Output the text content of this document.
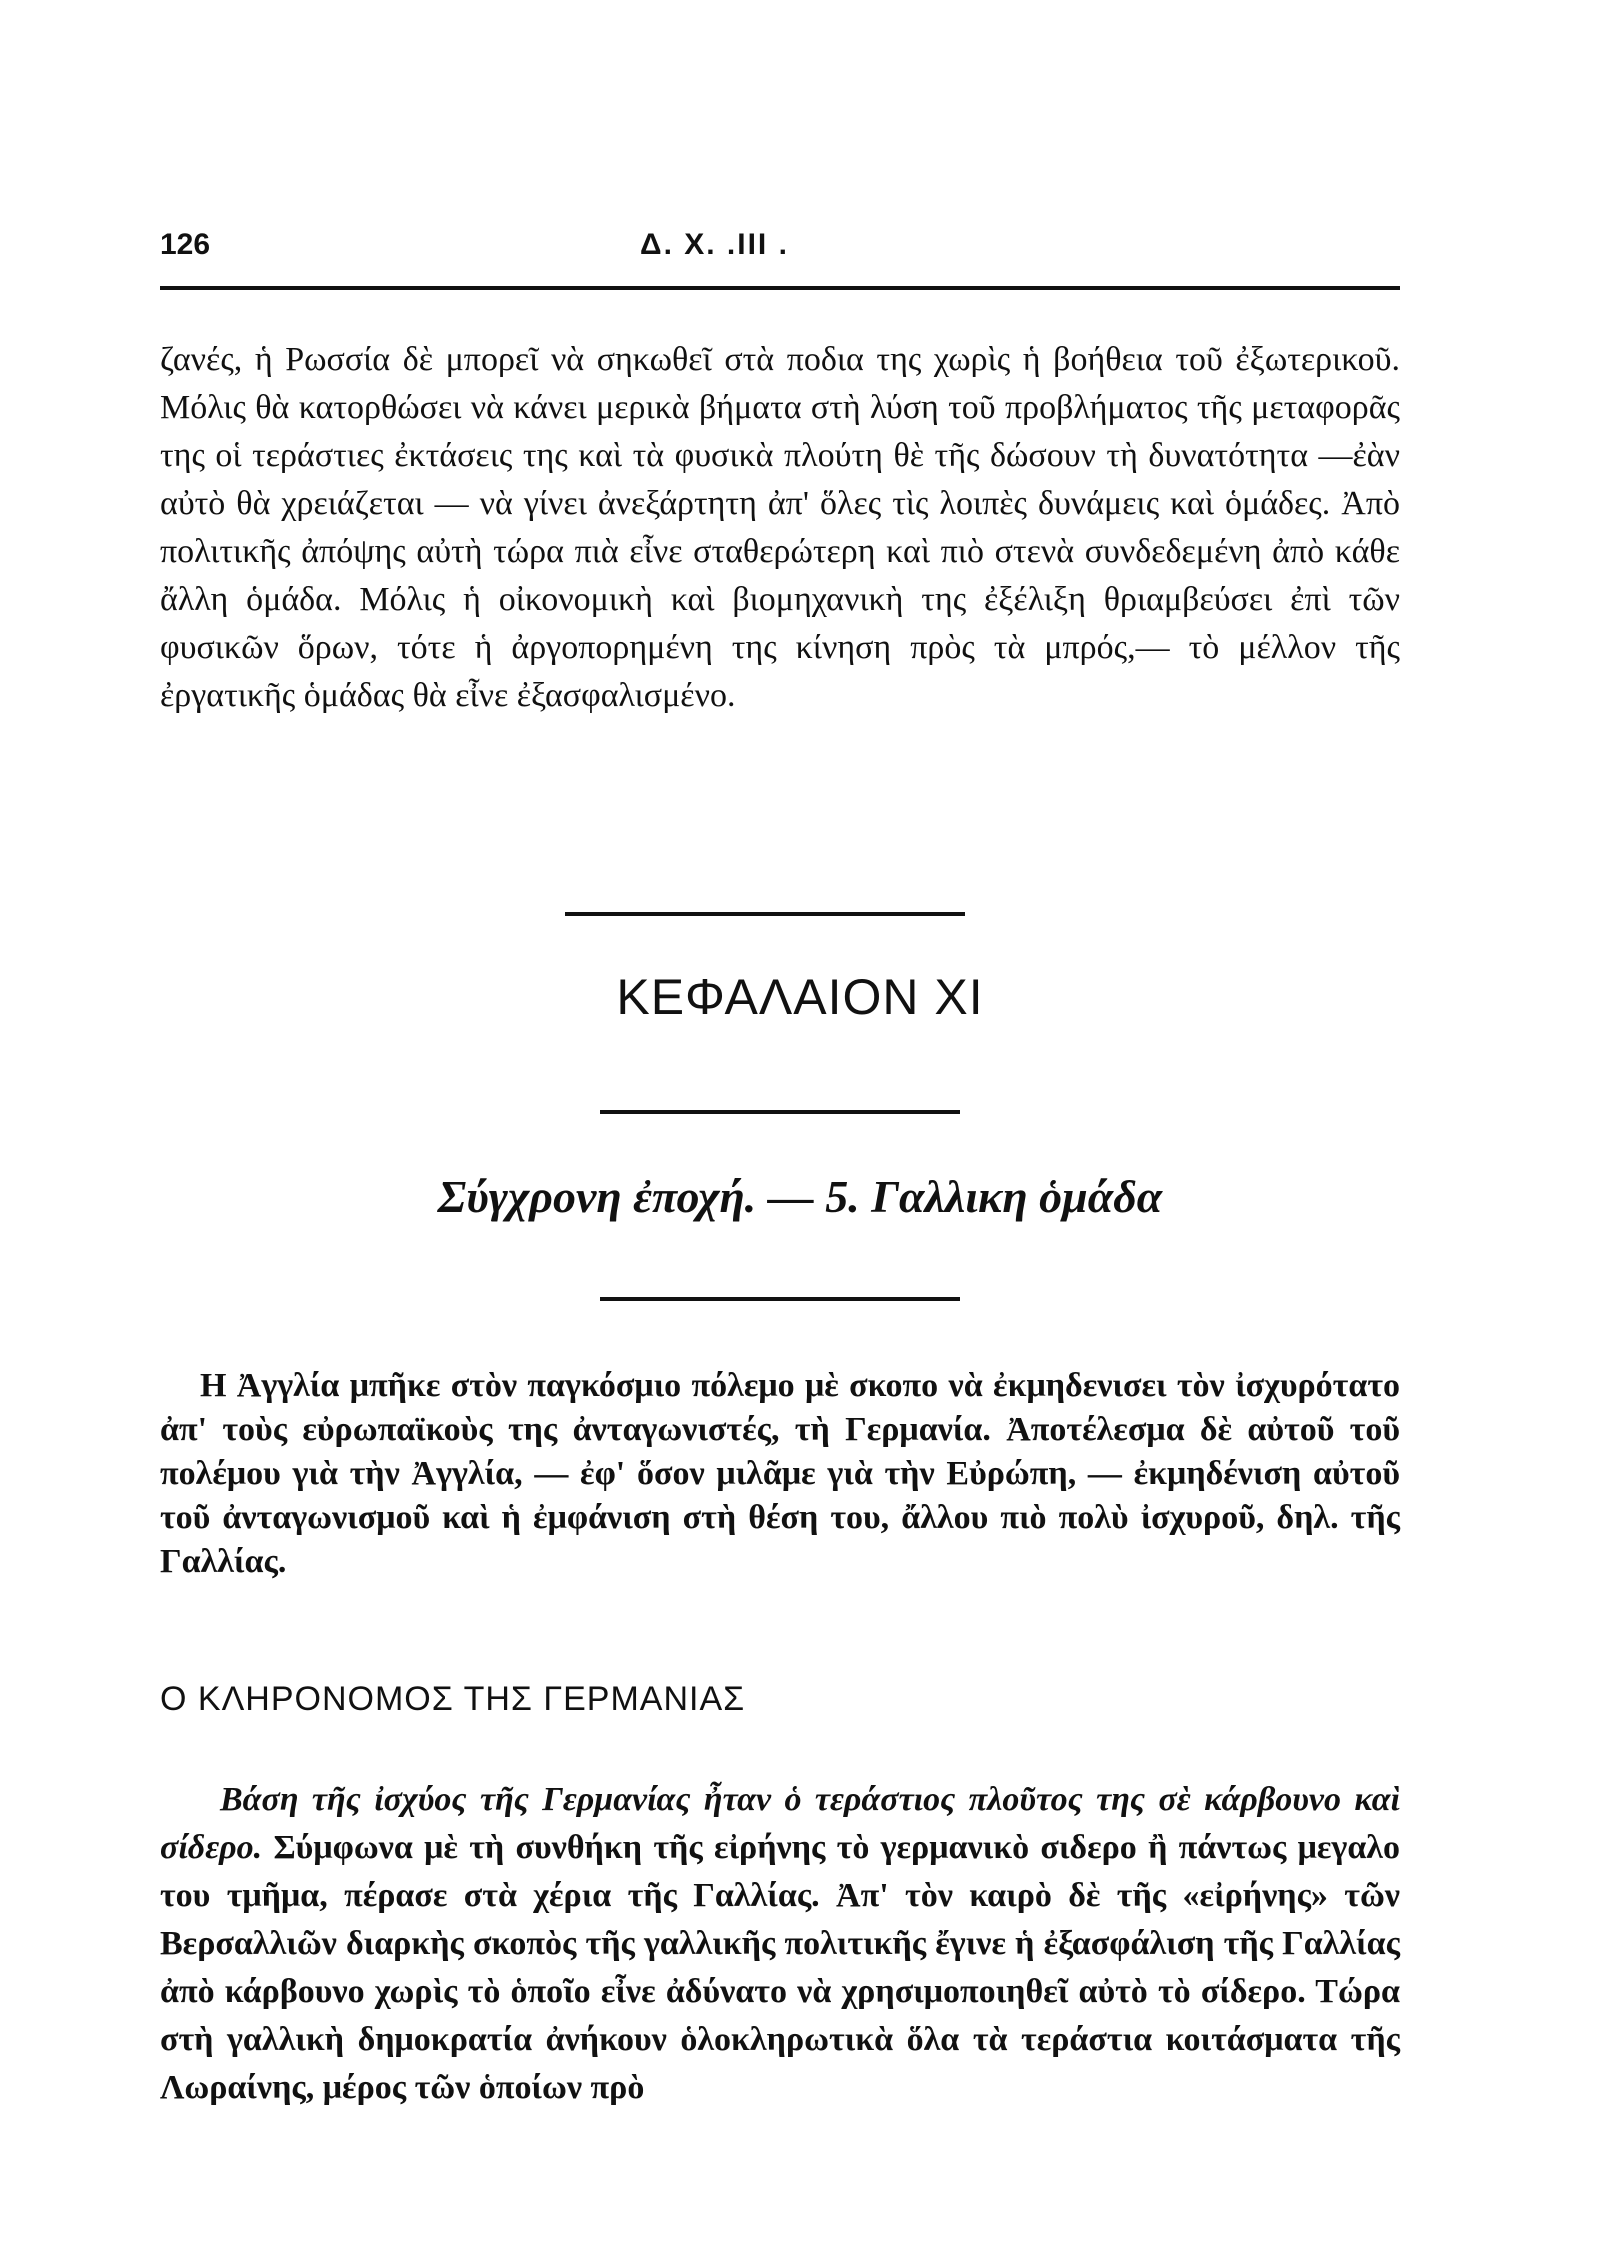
126	Δ. Χ. .ΙΙΙ .

ζανές, ἡ Ρωσσία δὲ μπορεῖ νὰ σηκωθεῖ στὰ ποδια της χωρὶς ἡ βοήθεια τοῦ ἐξωτερικοῦ. Μόλις θὰ κατορθώσει νὰ κάνει μερικὰ βήματα στὴ λύση τοῦ προβλήματος τῆς μεταφορᾶς της οἱ τεράστιες ἐκτάσεις της καὶ τὰ φυσικὰ πλούτη θὲ τῆς δώσουν τὴ δυνατότητα —ἐὰν αὐτὸ θὰ χρειάζεται — νὰ γίνει ἀνεξάρτητη ἀπ' ὅλες τὶς λοιπὲς δυνάμεις καὶ ὁμάδες. Ἀπὸ πολιτικῆς ἀπόψης αὐτὴ τώρα πιὰ εἶνε σταθερώτερη καὶ πιὸ στενὰ συνδεδεμένη ἀπὸ κάθε ἄλλη ὁμάδα. Μόλις ἡ οἰκονομικὴ καὶ βιομηχανικὴ της ἐξέλιξη θριαμβεύσει ἐπὶ τῶν φυσικῶν ὅρων, τότε ἡ ἀργοπορημένη της κίνηση πρὸς τὰ μπρός,— τὸ μέλλον τῆς ἐργατικῆς ὁμάδας θὰ εἶνε ἐξασφαλισμένο.

ΚΕΦΑΛΑΙΟΝ ΧΙ
Σύγχρονη ἐποχή. — 5. Γαλλικη ὁμάδα

Η Ἀγγλία μπῆκε στὸν παγκόσμιο πόλεμο μὲ σκοπο νὰ ἐκμηδενισει τὸν ἰσχυρότατο ἀπ' τοὺς εὐρωπαϊκοὺς της ἀνταγωνιστές, τὴ Γερμανία. Ἀποτέλεσμα δὲ αὐτοῦ τοῦ πολέμου γιὰ τὴν Ἀγγλία, — ἐφ' ὅσον μιλᾶμε γιὰ τὴν Εὐρώπη, — ἐκμηδένιση αὐτοῦ τοῦ ἀνταγωνισμοῦ καὶ ἡ ἐμφάνιση στὴ θέση του, ἄλλου πιὸ πολὺ ἰσχυροῦ, δηλ. τῆς Γαλλίας.

Ο ΚΛΗΡΟΝΟΜΟΣ ΤΗΣ ΓΕΡΜΑΝΙΑΣ

Βάση τῆς ἰσχύος τῆς Γερμανίας ἦταν ὁ τεράστιος πλοῦτος της σὲ κάρβουνο καὶ σίδερο. Σύμφωνα μὲ τὴ συνθήκη τῆς εἰρήνης τὸ γερμανικὸ σιδερο ἢ πάντως μεγαλο του τμῆμα, πέρασε στὰ χέρια τῆς Γαλλίας. Ἀπ' τὸν καιρὸ δὲ τῆς «εἰρήνης» τῶν Βερσαλλιῶν διαρκὴς σκοπὸς τῆς γαλλικῆς πολιτικῆς ἔγινε ἡ ἐξασφάλιση τῆς Γαλλίας ἀπὸ κάρβουνο χωρὶς τὸ ὁποῖο εἶνε ἀδύνατο νὰ χρησιμοποιηθεῖ αὐτὸ τὸ σίδερο. Τώρα στὴ γαλλικὴ δημοκρατία ἀνήκουν ὁλοκληρωτικὰ ὅλα τὰ τεράστια κοιτάσματα τῆς Λωραίνης, μέρος τῶν ὁποίων πρὸ
